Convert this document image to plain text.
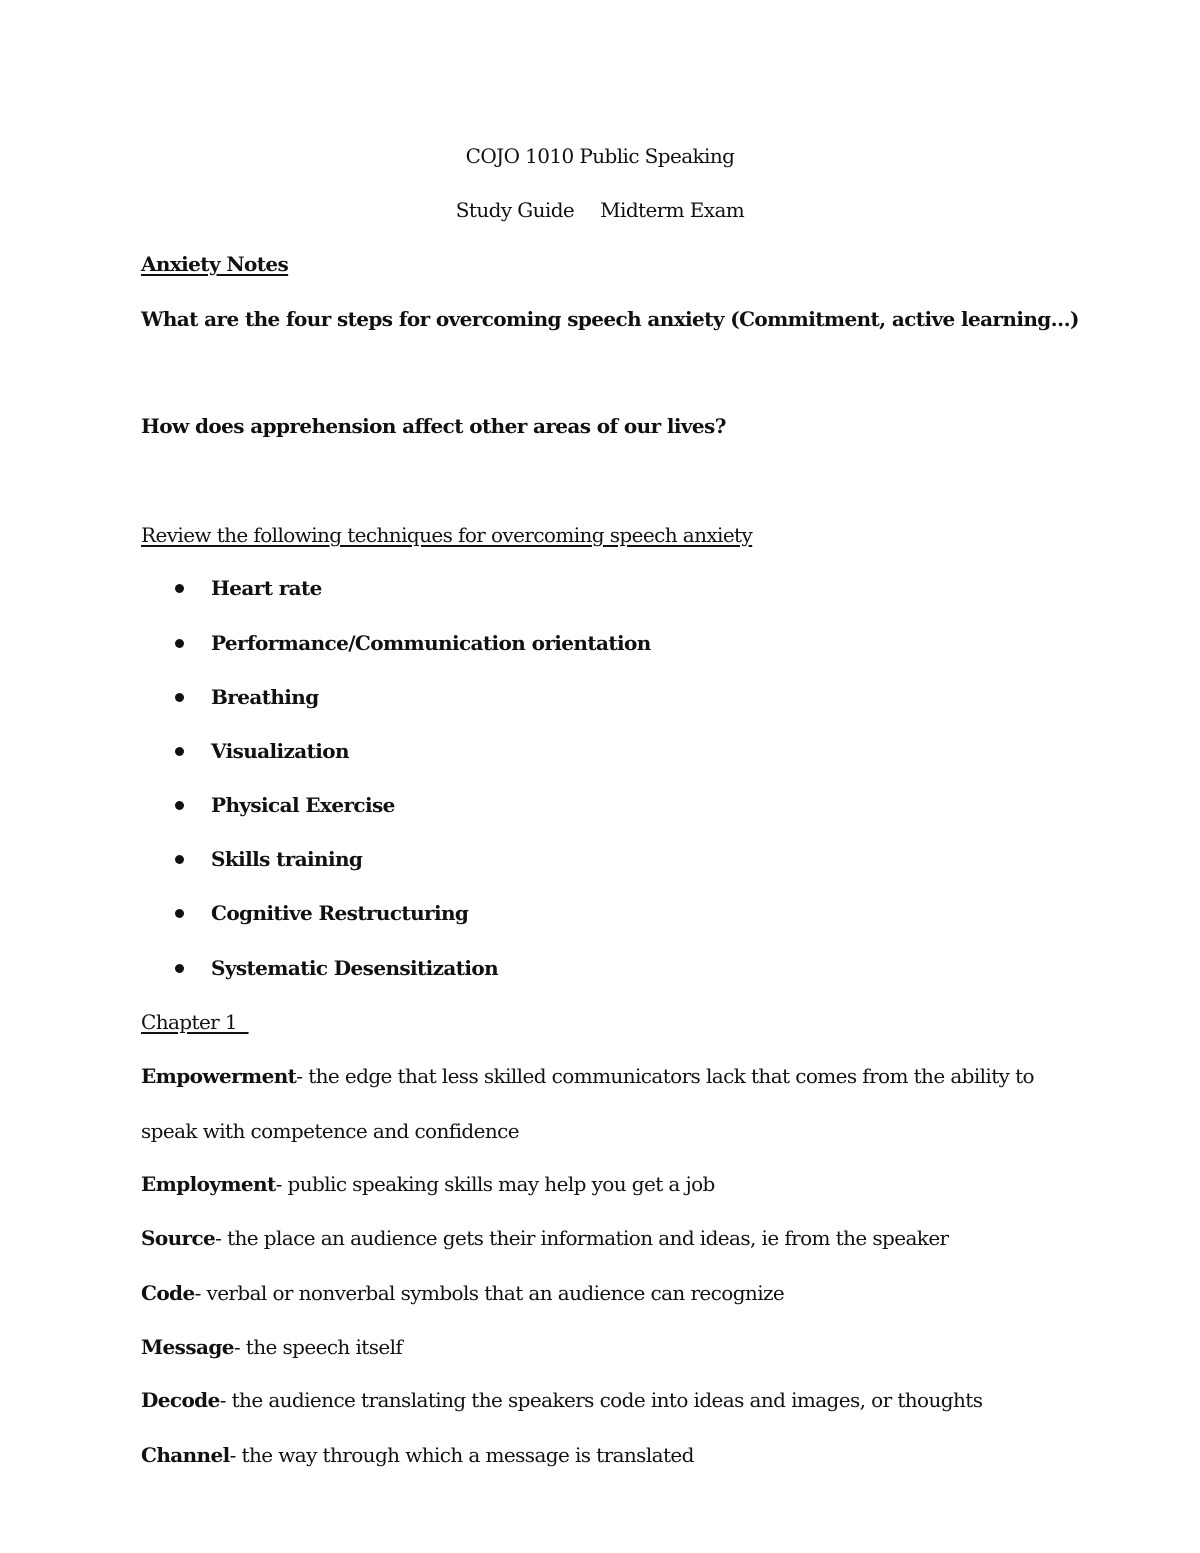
COJO 1010 Public Speaking
Study Guide Midterm Exam
Anxiety Notes
What are the four steps for overcoming speech anxiety (Commitment, active learning…)
How does apprehension affect other areas of our lives?
Review the following techniques for overcoming speech anxiety
Heart rate
Performance/Communication orientation
Breathing
Visualization
Physical Exercise
Skills training
Cognitive Restructuring
Systematic Desensitization
Chapter 1
Empowerment- the edge that less skilled communicators lack that comes from the ability to
speak with competence and confidence
Employment- public speaking skills may help you get a job
Source- the place an audience gets their information and ideas, ie from the speaker
Code- verbal or nonverbal symbols that an audience can recognize
Message- the speech itself
Decode- the audience translating the speakers code into ideas and images, or thoughts
Channel- the way through which a message is translated
